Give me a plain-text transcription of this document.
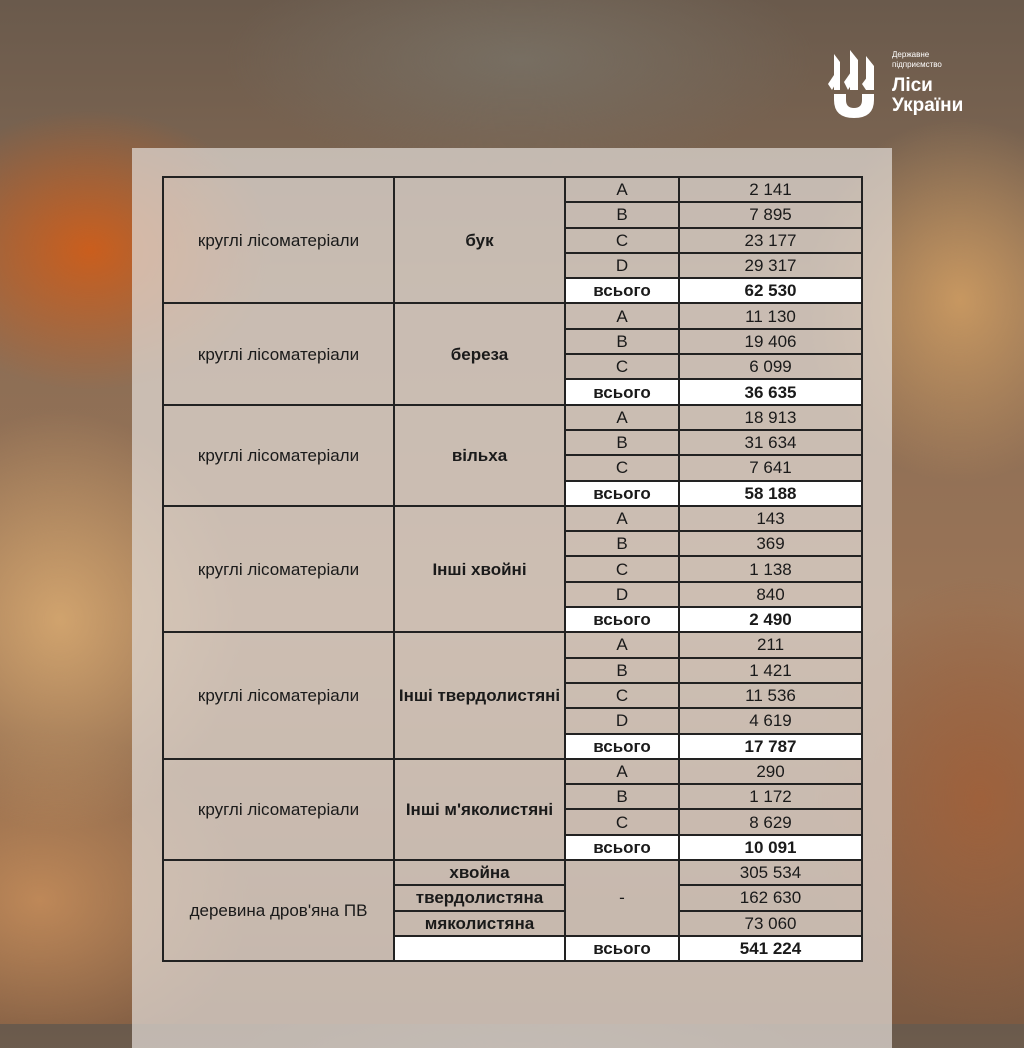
Державне
підприємство
Ліси
України
круглі лісоматеріали	бук	A	2 141
		B	7 895
		C	23 177
		D	29 317
		всього	62 530
круглі лісоматеріали	береза	A	11 130
		B	19 406
		C	6 099
		всього	36 635
круглі лісоматеріали	вільха	A	18 913
		B	31 634
		C	7 641
		всього	58 188
круглі лісоматеріали	Інші хвойні	A	143
		B	369
		C	1 138
		D	840
		всього	2 490
круглі лісоматеріали	Інші твердолистяні	A	211
		B	1 421
		C	11 536
		D	4 619
		всього	17 787
круглі лісоматеріали	Інші м'яколистяні	A	290
		B	1 172
		C	8 629
		всього	10 091
деревина дров'яна ПВ	хвойна	-	305 534
	твердолистяна		162 630
	мяколистяна		73 060
		всього	541 224
